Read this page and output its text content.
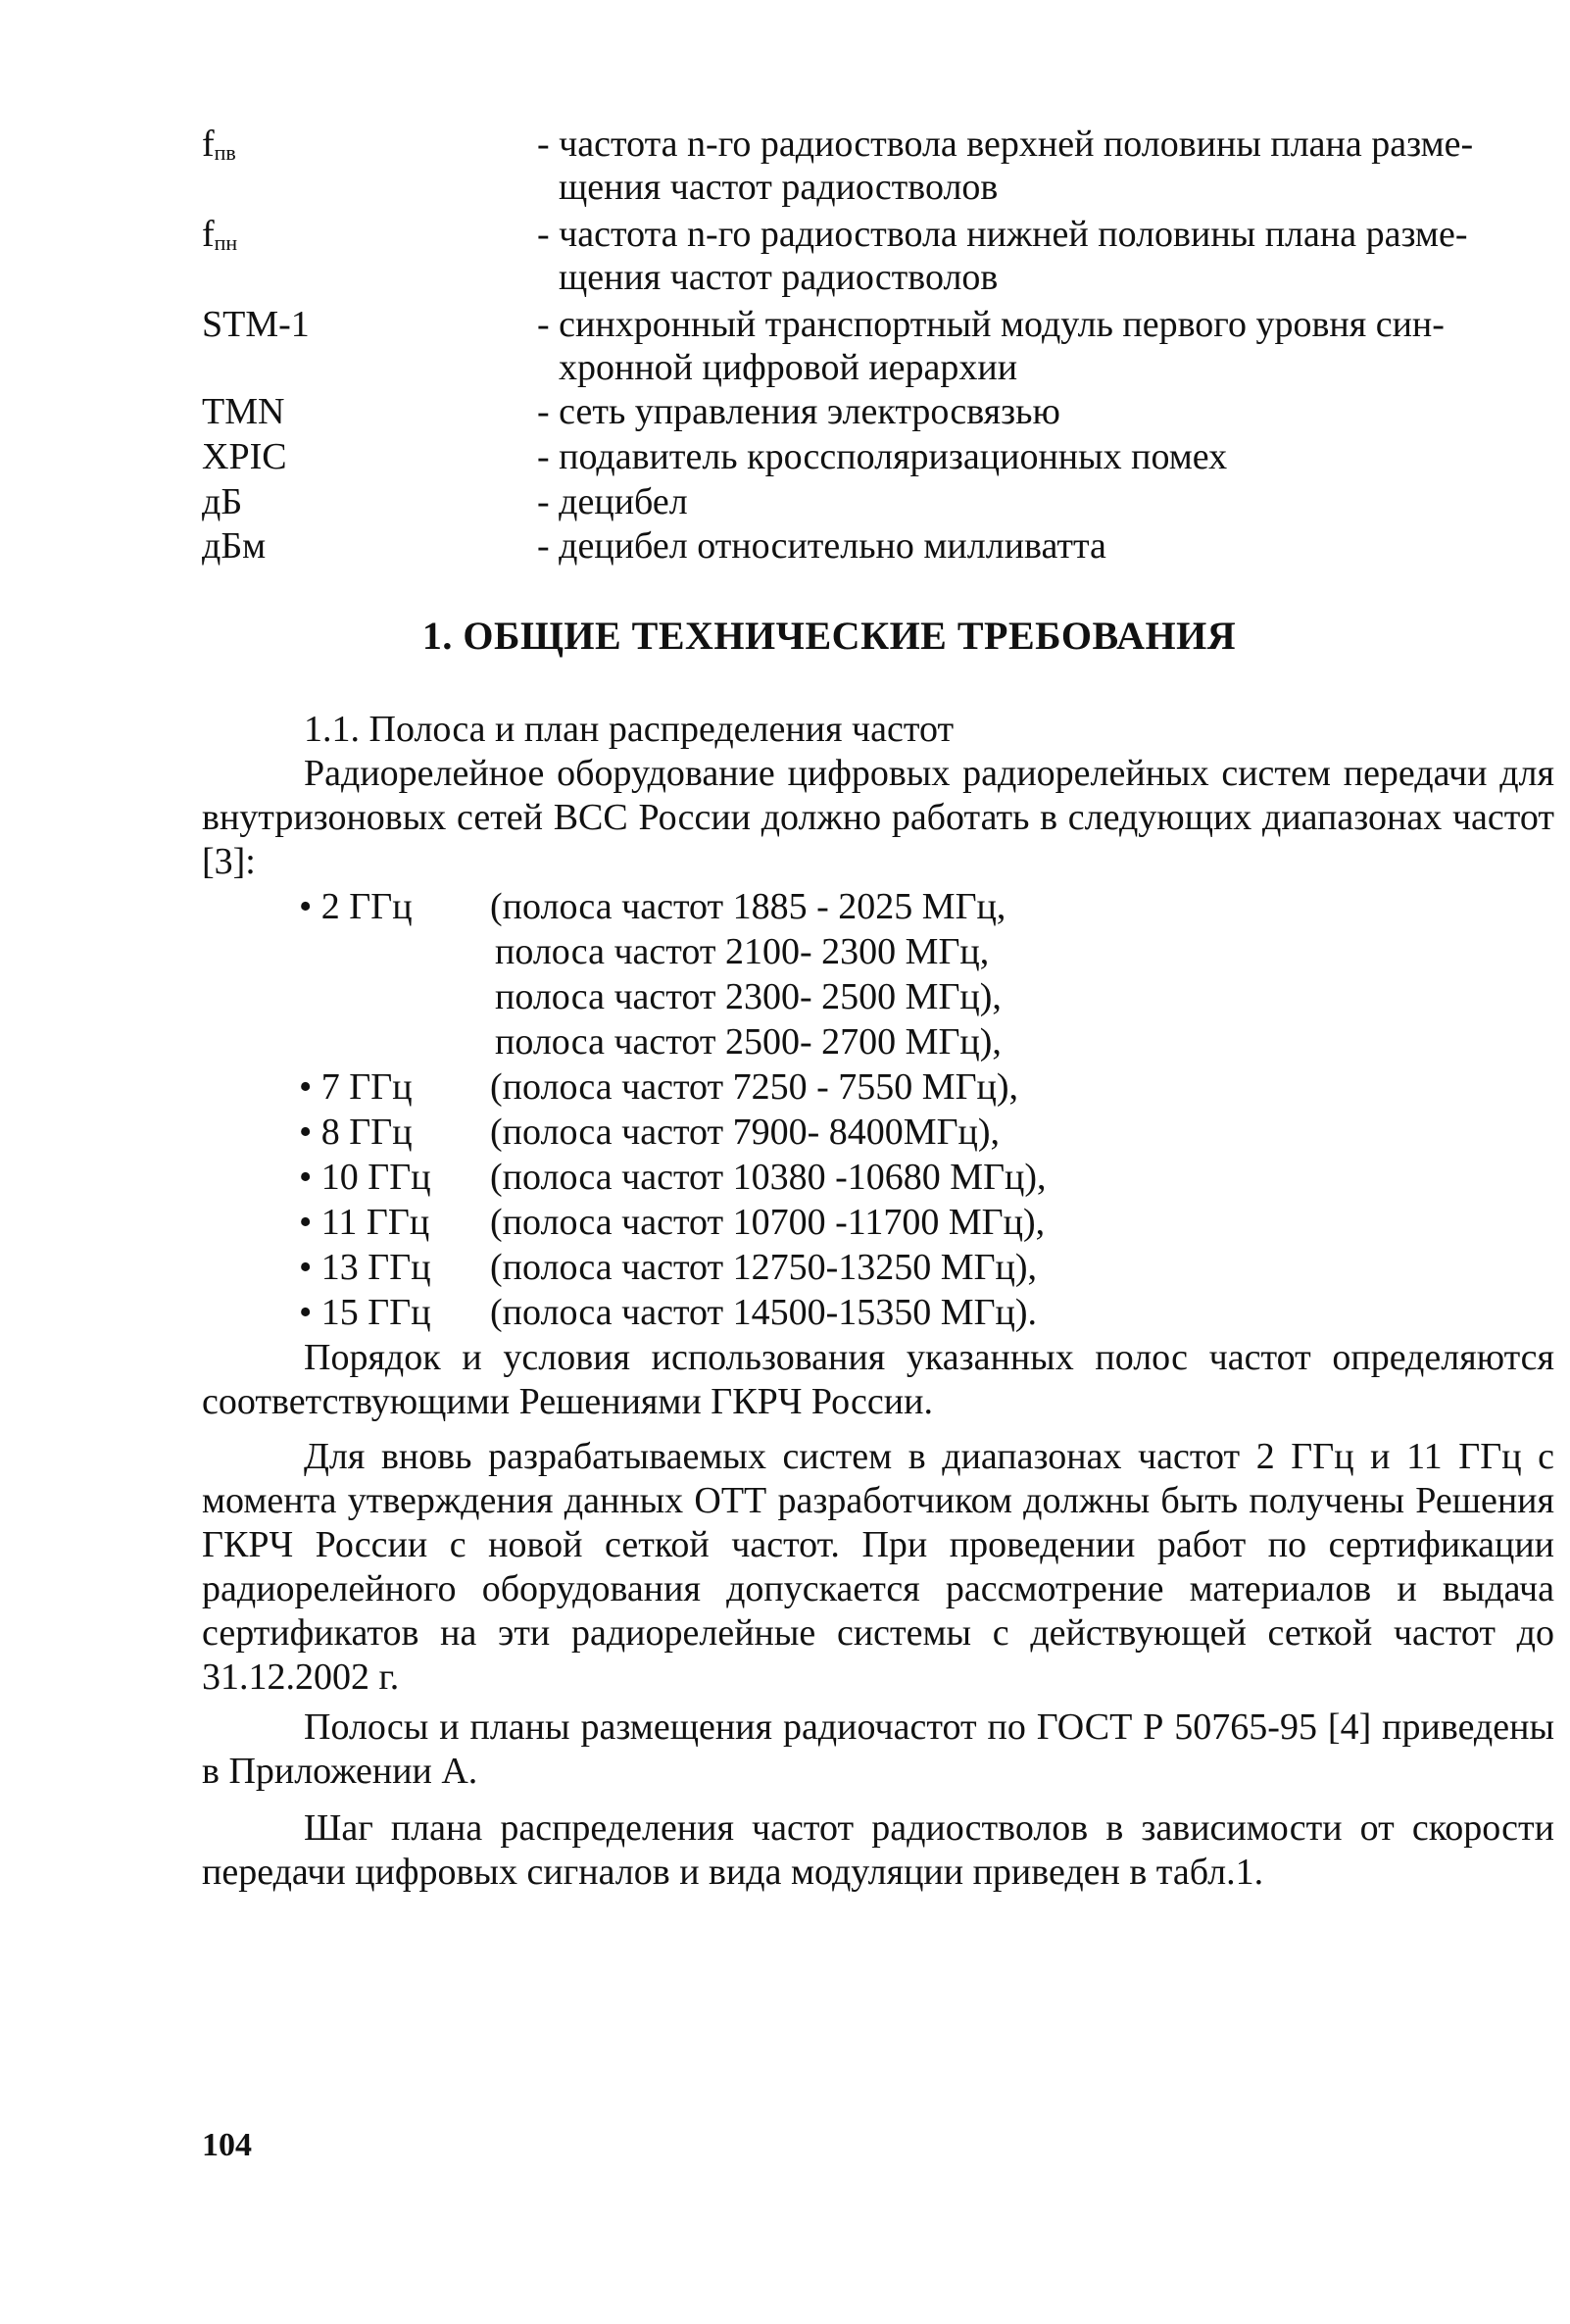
$f_{пв}$	- частота n-го радиоствола верхней половины плана разме-
щения частот радиостволов
$f_{пн}$	- частота n-го радиоствола нижней половины плана разме-
щения частот радиостволов
STM-1	- синхронный транспортный модуль первого уровня син-
хронной цифровой иерархии
TMN	- сеть управления электросвязью
XPIC	- подавитель кроссполяризационных помех
дБ	- децибел
дБм	- децибел относительно милливатта
1. ОБЩИЕ ТЕХНИЧЕСКИЕ ТРЕБОВАНИЯ
1.1. Полоса и план распределения частот
Радиорелейное оборудование цифровых радиорелейных систем передачи для внутризоновых сетей ВСС России должно работать в следующих диапазонах частот [3]:
• 2 ГГц	(полоса частот 1885 - 2025 МГц,
полоса частот 2100- 2300 МГц,
полоса частот 2300- 2500 МГц),
полоса частот 2500- 2700 МГц),
• 7 ГГц	(полоса частот 7250 - 7550 МГц),
• 8 ГГц	(полоса частот 7900- 8400МГц),
• 10 ГГц	(полоса частот 10380 -10680 МГц),
• 11 ГГц	(полоса частот 10700 -11700 МГц),
• 13 ГГц	(полоса частот 12750-13250 МГц),
• 15 ГГц	(полоса частот 14500-15350 МГц).
Порядок и условия использования указанных полос частот определяются соответствующими Решениями ГКРЧ России.
Для вновь разрабатываемых систем в диапазонах частот 2 ГГц и 11 ГГц с момента утверждения данных ОТТ разработчиком должны быть получены Решения ГКРЧ России с новой сеткой частот. При проведении работ по сертификации радиорелейного оборудования допускается рассмотрение материалов и выдача сертификатов на эти радиорелейные системы с действующей сеткой частот до 31.12.2002 г.
Полосы и планы размещения радиочастот по ГОСТ Р 50765-95 [4] приведены в Приложении А.
Шаг плана распределения частот радиостволов в зависимости от скорости передачи цифровых сигналов и вида модуляции приведен в табл.1.
104
